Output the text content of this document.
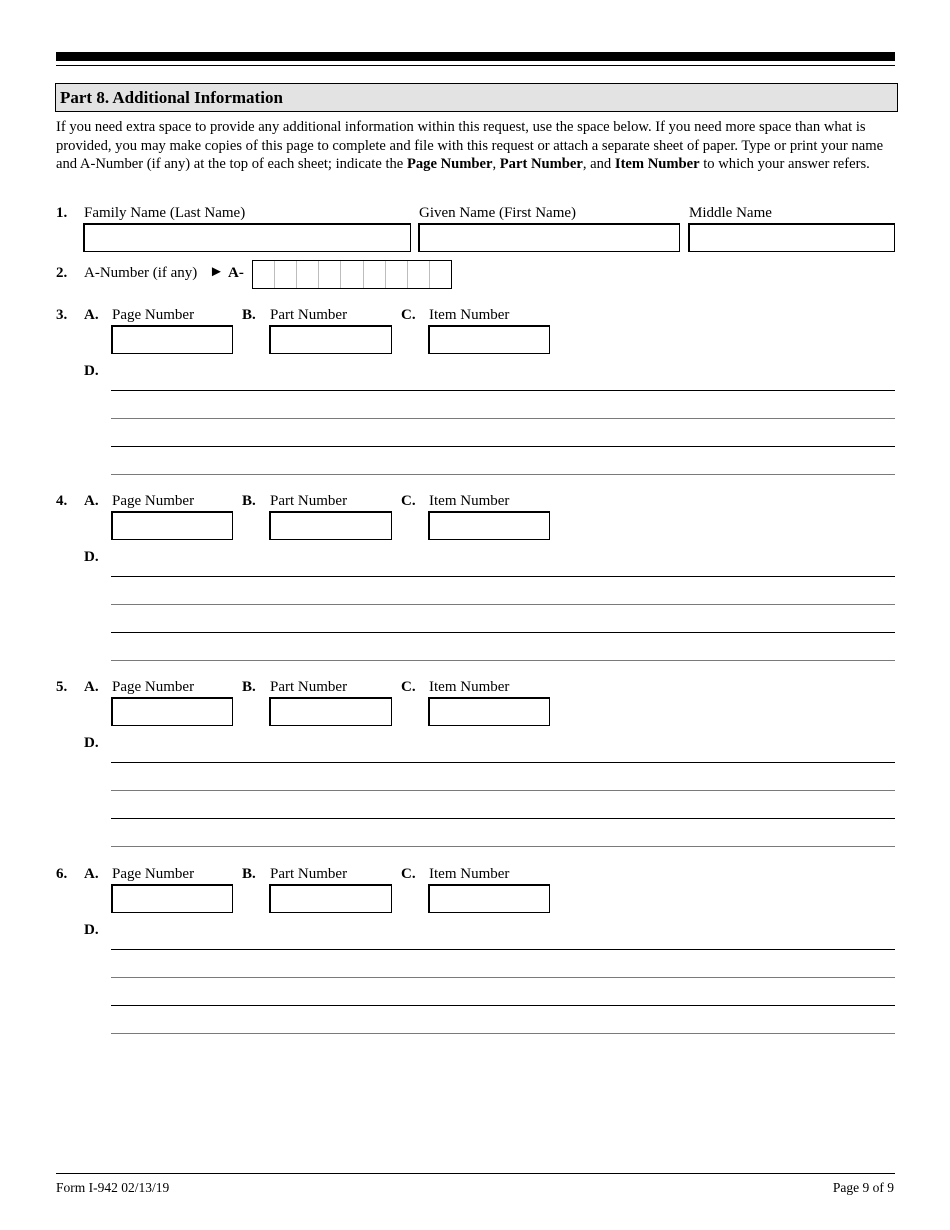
Part 8. Additional Information
If you need extra space to provide any additional information within this request, use the space below. If you need more space than what is provided, you may make copies of this page to complete and file with this request or attach a separate sheet of paper. Type or print your name and A-Number (if any) at the top of each sheet; indicate the Page Number, Part Number, and Item Number to which your answer refers.
1. Family Name (Last Name)	Given Name (First Name)	Middle Name
2. A-Number (if any) ► A-
3. A. Page Number	B. Part Number	C. Item Number
D.
4. A. Page Number	B. Part Number	C. Item Number
D.
5. A. Page Number	B. Part Number	C. Item Number
D.
6. A. Page Number	B. Part Number	C. Item Number
D.
Form I-942 02/13/19	Page 9 of 9
